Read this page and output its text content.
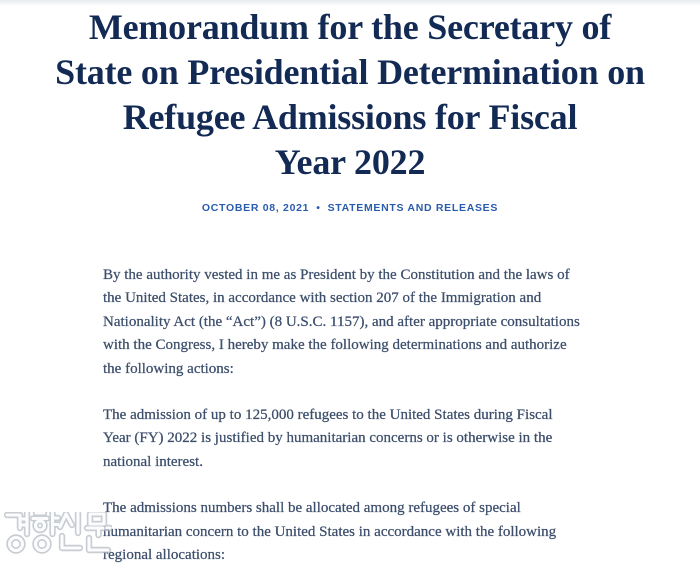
Memorandum for the Secretary of
State on Presidential Determination on
Refugee Admissions for Fiscal
Year 2022
OCTOBER 08, 2021 • STATEMENTS AND RELEASES

By the authority vested in me as President by the Constitution and the laws of
the United States, in accordance with section 207 of the Immigration and
Nationality Act (the “Act”) (8 U.S.C. 1157), and after appropriate consultations
with the Congress, I hereby make the following determinations and authorize
the following actions:

The admission of up to 125,000 refugees to the United States during Fiscal
Year (FY) 2022 is justified by humanitarian concerns or is otherwise in the
national interest.

The admissions numbers shall be allocated among refugees of special
humanitarian concern to the United States in accordance with the following
regional allocations:
